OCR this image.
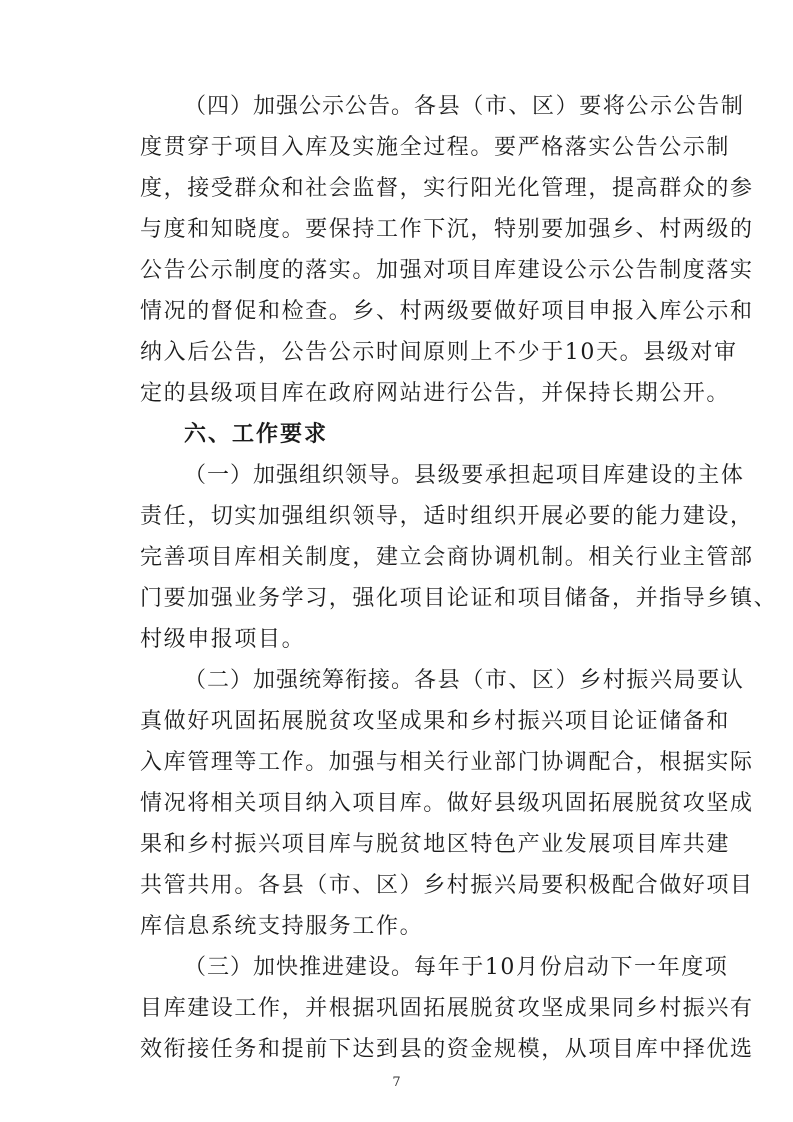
（四）加强公示公告。各县（市、区）要将公示公告制
度贯穿于项目入库及实施全过程。要严格落实公告公示制
度，接受群众和社会监督，实行阳光化管理，提高群众的参
与度和知晓度。要保持工作下沉，特别要加强乡、村两级的
公告公示制度的落实。加强对项目库建设公示公告制度落实
情况的督促和检查。乡、村两级要做好项目申报入库公示和
纳入后公告，公告公示时间原则上不少于10天。县级对审
定的县级项目库在政府网站进行公告，并保持长期公开。
六、工作要求
（一）加强组织领导。县级要承担起项目库建设的主体
责任，切实加强组织领导，适时组织开展必要的能力建设，
完善项目库相关制度，建立会商协调机制。相关行业主管部
门要加强业务学习，强化项目论证和项目储备，并指导乡镇、
村级申报项目。
（二）加强统筹衔接。各县（市、区）乡村振兴局要认
真做好巩固拓展脱贫攻坚成果和乡村振兴项目论证储备和
入库管理等工作。加强与相关行业部门协调配合，根据实际
情况将相关项目纳入项目库。做好县级巩固拓展脱贫攻坚成
果和乡村振兴项目库与脱贫地区特色产业发展项目库共建
共管共用。各县（市、区）乡村振兴局要积极配合做好项目
库信息系统支持服务工作。
（三）加快推进建设。每年于10月份启动下一年度项
目库建设工作，并根据巩固拓展脱贫攻坚成果同乡村振兴有
效衔接任务和提前下达到县的资金规模，从项目库中择优选
7
